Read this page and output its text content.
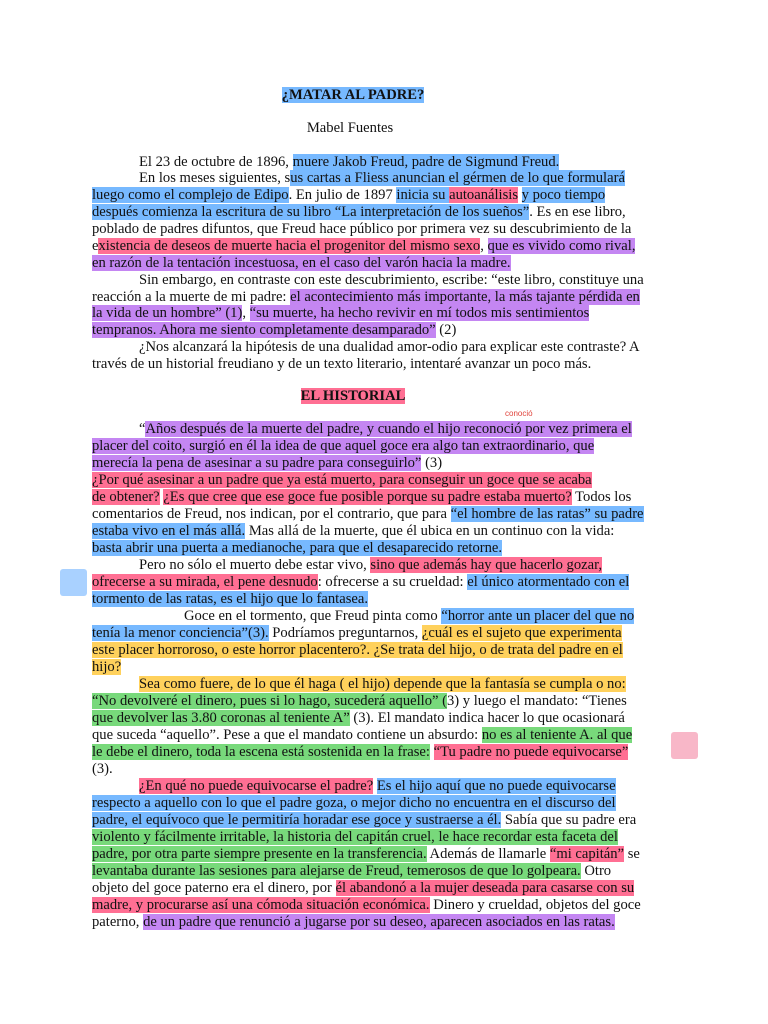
¿MATAR AL PADRE?
Mabel Fuentes
EL HISTORIAL
conoció
El 23 de octubre de 1896, muere Jakob Freud, padre de Sigmund Freud.
En los meses siguientes, sus cartas a Fliess anuncian el gérmen de lo que formulará
luego como el complejo de Edipo. En julio de 1897 inicia su autoanálisis y poco tiempo
después comienza la escritura de su libro “La interpretación de los sueños”. Es en ese libro,
poblado de padres difuntos, que Freud hace público por primera vez su descubrimiento de la
existencia de deseos de muerte hacia el progenitor del mismo sexo, que es vivido como rival,
en razón de la tentación incestuosa, en el caso del varón hacia la madre.
Sin embargo, en contraste con este descubrimiento, escribe: “este libro, constituye una
reacción a la muerte de mi padre: el acontecimiento más importante, la más tajante pérdida en
la vida de un hombre” (1), “su muerte, ha hecho revivir en mí todos mis sentimientos
tempranos. Ahora me siento completamente desamparado” (2)
¿Nos alcanzará la hipótesis de una dualidad amor-odio para explicar este contraste? A
través de un historial freudiano y de un texto literario, intentaré avanzar un poco más.
“Años después de la muerte del padre, y cuando el hijo reconoció por vez primera el
placer del coito, surgió en él la idea de que aquel goce era algo tan extraordinario, que
merecía la pena de asesinar a su padre para conseguirlo” (3)
¿Por qué asesinar a un padre que ya está muerto, para conseguir un goce que se acaba
de obtener? ¿Es que cree que ese goce fue posible porque su padre estaba muerto? Todos los
comentarios de Freud, nos indican, por el contrario, que para “el hombre de las ratas” su padre
estaba vivo en el más allá. Mas allá de la muerte, que él ubica en un continuo con la vida:
basta abrir una puerta a medianoche, para que el desaparecido retorne.
Pero no sólo el muerto debe estar vivo, sino que además hay que hacerlo gozar,
ofrecerse a su mirada, el pene desnudo: ofrecerse a su crueldad: el único atormentado con el
tormento de las ratas, es el hijo que lo fantasea.
Goce en el tormento, que Freud pinta como “horror ante un placer del que no
tenía la menor conciencia”(3). Podríamos preguntarnos, ¿cuál es el sujeto que experimenta
este placer horroroso, o este horror placentero?. ¿Se trata del hijo, o de trata del padre en el
hijo?
Sea como fuere, de lo que él haga ( el hijo) depende que la fantasía se cumpla o no:
“No devolveré el dinero, pues si lo hago, sucederá aquello” (3) y luego el mandato: “Tienes
que devolver las 3.80 coronas al teniente A” (3). El mandato indica hacer lo que ocasionará
que suceda “aquello”. Pese a que el mandato contiene un absurdo: no es al teniente A. al que
le debe el dinero, toda la escena está sostenida en la frase: “Tu padre no puede equivocarse”
(3).
¿En qué no puede equivocarse el padre? Es el hijo aquí que no puede equivocarse
respecto a aquello con lo que el padre goza, o mejor dicho no encuentra en el discurso del
padre, el equívoco que le permitiría horadar ese goce y sustraerse a él. Sabía que su padre era
violento y fácilmente irritable, la historia del capitán cruel, le hace recordar esta faceta del
padre, por otra parte siempre presente en la transferencia. Además de llamarle “mi capitán” se
levantaba durante las sesiones para alejarse de Freud, temerosos de que lo golpeara. Otro
objeto del goce paterno era el dinero, por él abandonó a la mujer deseada para casarse con su
madre, y procurarse así una cómoda situación económica. Dinero y crueldad, objetos del goce
paterno, de un padre que renunció a jugarse por su deseo, aparecen asociados en las ratas.
